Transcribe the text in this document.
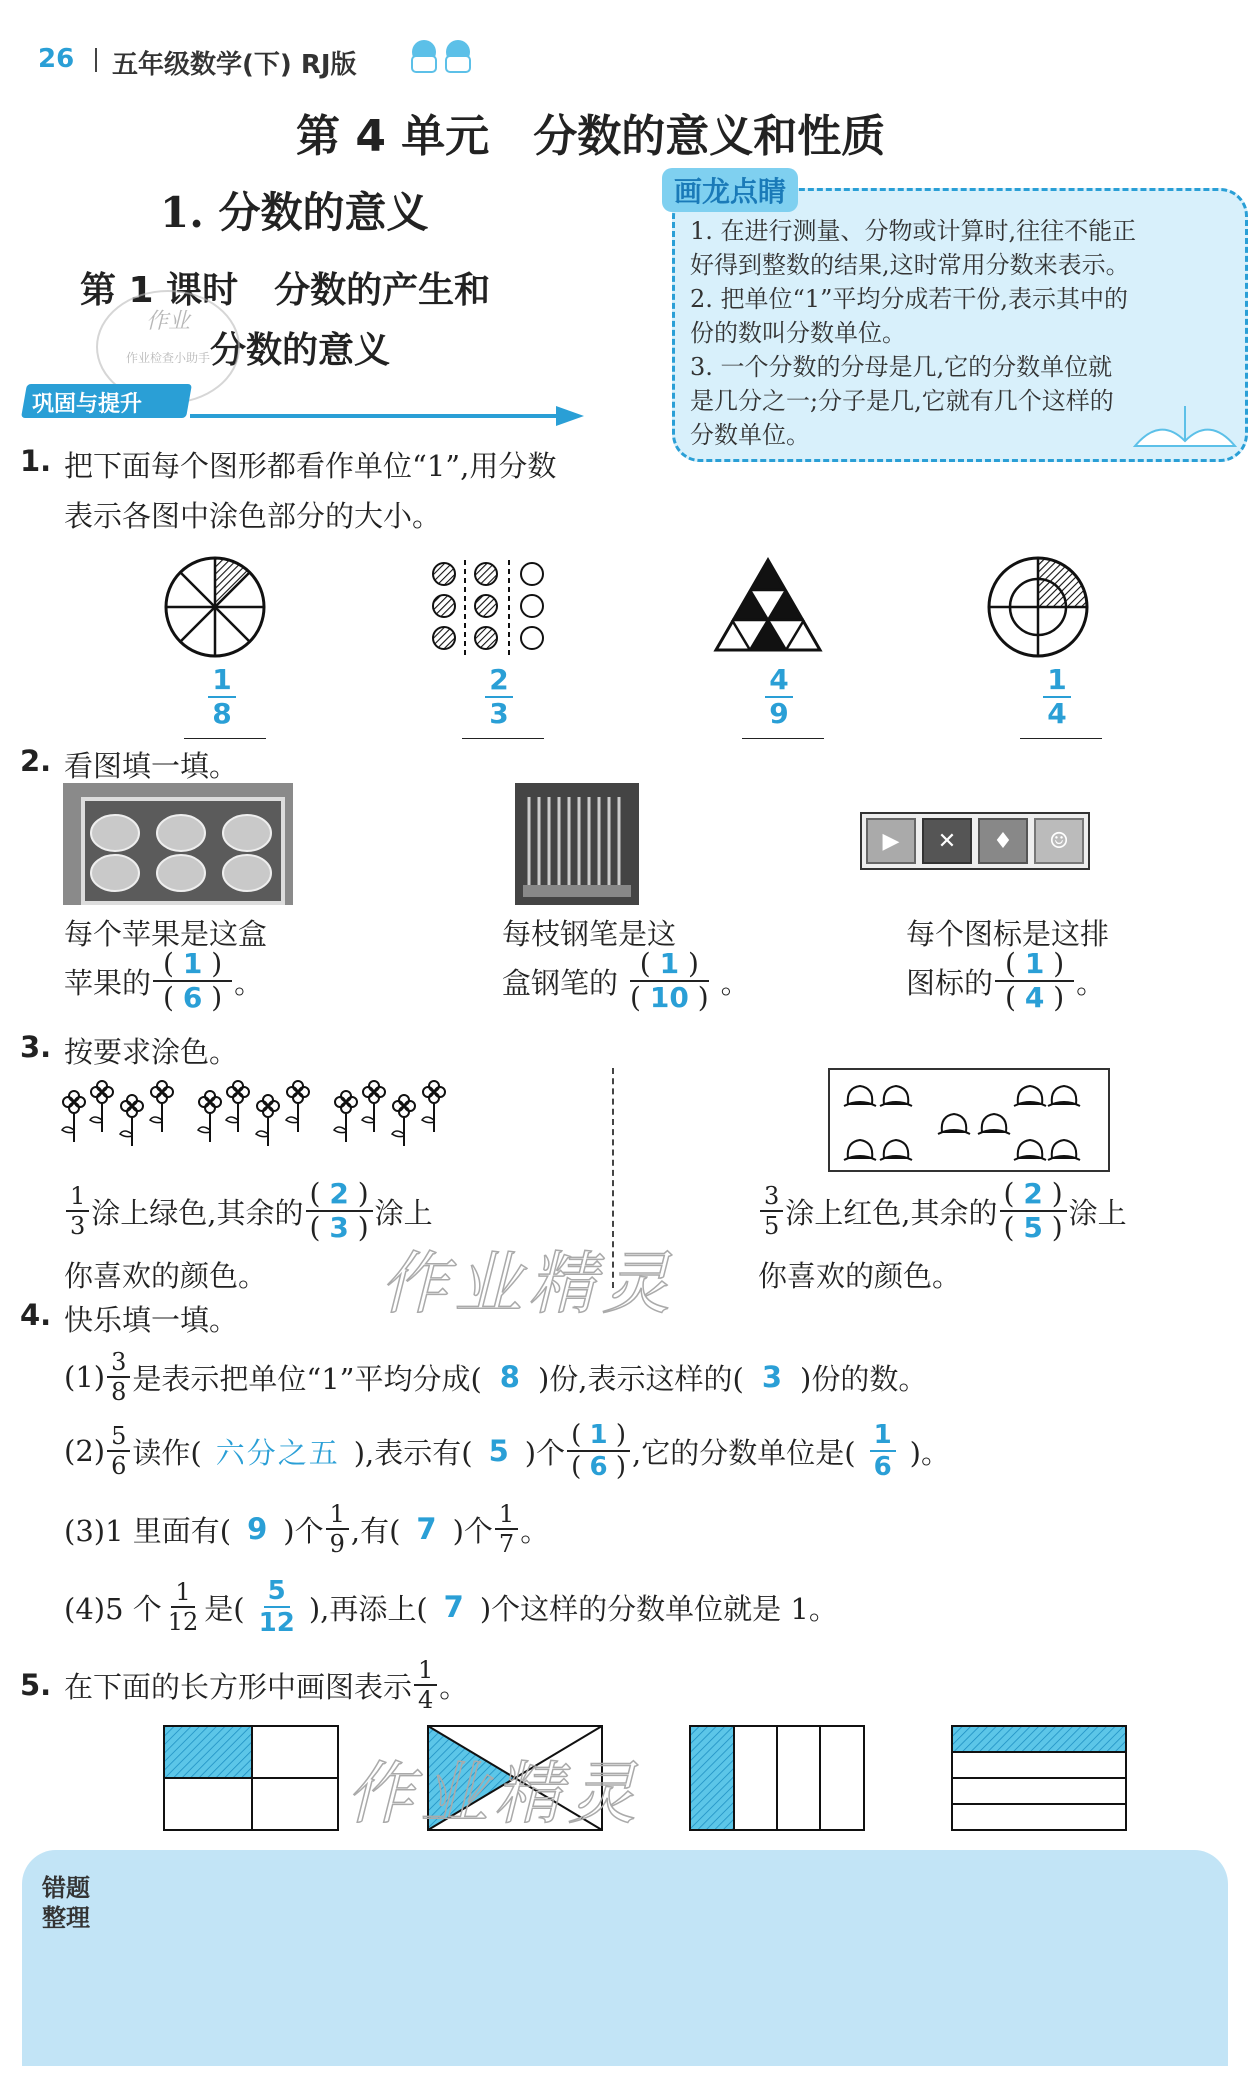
26 五年级数学(下) RJ版
第 4 单元　分数的意义和性质
1. 分数的意义
第 1 课时　分数的产生和
分数的意义
作业
作业检查小助手
巩固与提升
画龙点睛
1. 在进行测量、分物或计算时,往往不能正
好得到整数的结果,这时常用分数来表示。
2. 把单位“1”平均分成若干份,表示其中的
份的数叫分数单位。
3. 一个分数的分母是几,它的分数单位就
是几分之一;分子是几,它就有几个这样的
分数单位。
1. 把下面每个图形都看作单位“1”,用分数
表示各图中涂色部分的大小。
$\frac{1}{8}$	$\frac{2}{3}$	$\frac{4}{9}$	$\frac{1}{4}$
2. 看图填一填。
▶	✕	♦	☺
每个苹果是这盒
苹果的 $\frac{( 1 )}{( 6 )}$ 。
每枝钢笔是这
盒钢笔的 $\frac{( 1 )}{( 10 )}$ 。
每个图标是这排
图标的 $\frac{( 1 )}{( 4 )}$ 。
3. 按要求涂色。
$\frac{1}{3}$ 涂上绿色,其余的 $\frac{( 2 )}{( 3 )}$ 涂上
你喜欢的颜色。
$\frac{3}{5}$ 涂上红色,其余的 $\frac{( 2 )}{( 5 )}$ 涂上
你喜欢的颜色。
作业精灵
4. 快乐填一填。
$(1) \frac{3}{8}$ 是表示把单位“1”平均分成( 8 )份,表示这样的( 3 )份的数。
$(2) \frac{5}{6}$ 读作( 六分之五 ),表示有( 5 )个 $\frac{( 1 )}{( 6 )}$ ,它的分数单位是( $\frac{1}{6}$ )。
(3)1 里面有( 9 )个 $\frac{1}{9}$ ,有( 7 )个 $\frac{1}{7}$ 。
(4)5 个 $\frac{1}{12}$ 是( $\frac{5}{12}$ ),再添上( 7 )个这样的分数单位就是 1。
5. 在下面的长方形中画图表示 $\frac{1}{4}$ 。
作业精灵
错题
整理
